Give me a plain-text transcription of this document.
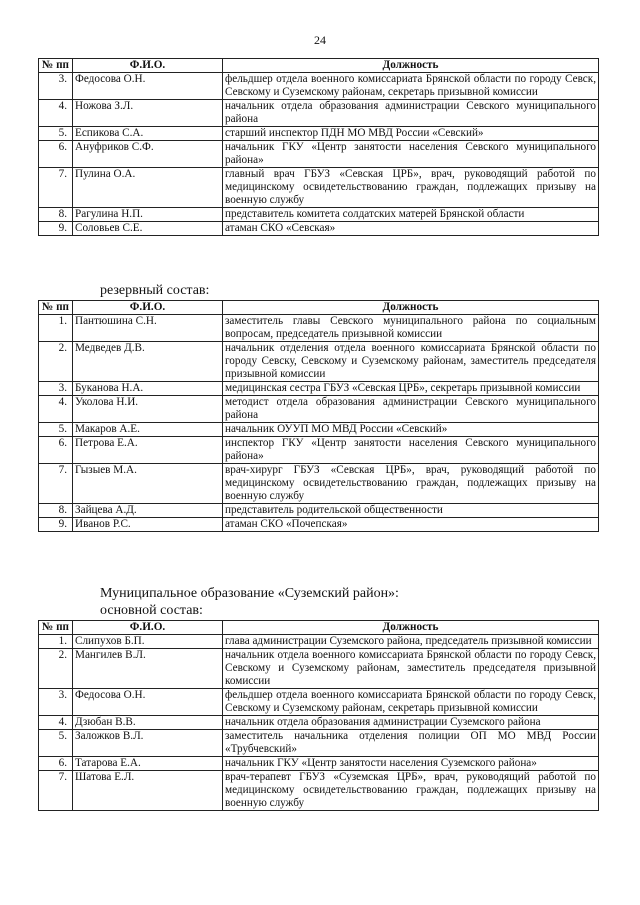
24
№ пп	Ф.И.О.	Должность
3.	Федосова О.Н.	фельдшер отдела военного комиссариата Брянской области по городу Севск, Севскому и Суземскому районам, секретарь призывной комиссии
4.	Ножова З.Л.	начальник отдела образования администрации Севского муниципального района
5.	Еспикова С.А.	старший инспектор ПДН МО МВД России «Севский»
6.	Ануфриков С.Ф.	начальник ГКУ «Центр занятости населения Севского муниципального района»
7.	Пулина О.А.	главный врач ГБУЗ «Севская ЦРБ», врач, руководящий работой по медицинскому освидетельствованию граждан, подлежащих призыву на военную службу
8.	Рагулина Н.П.	представитель комитета солдатских матерей Брянской области
9.	Соловьев С.Е.	атаман СКО «Севская»
резервный состав:
№ пп	Ф.И.О.	Должность
1.	Пантюшина С.Н.	заместитель главы Севского муниципального района по социальным вопросам, председатель призывной комиссии
2.	Медведев Д.В.	начальник отделения отдела военного комиссариата Брянской области по городу Севску, Севскому и Суземскому районам, заместитель председателя призывной комиссии
3.	Буканова Н.А.	медицинская сестра ГБУЗ «Севская ЦРБ», секретарь призывной комиссии
4.	Уколова Н.И.	методист отдела образования администрации Севского муниципального района
5.	Макаров А.Е.	начальник ОУУП МО МВД России «Севский»
6.	Петрова Е.А.	инспектор ГКУ «Центр занятости населения Севского муниципального района»
7.	Гызыев М.А.	врач-хирург ГБУЗ «Севская ЦРБ», врач, руководящий работой по медицинскому освидетельствованию граждан, подлежащих призыву на военную службу
8.	Зайцева А.Д.	представитель родительской общественности
9.	Иванов Р.С.	атаман СКО «Почепская»
Муниципальное образование «Суземский район»:
основной состав:
№ пп	Ф.И.О.	Должность
1.	Слипухов Б.П.	глава администрации Суземского района, председатель призывной комиссии
2.	Мангилев В.Л.	начальник отдела военного комиссариата Брянской области по городу Севск, Севскому и Суземскому районам, заместитель председателя призывной комиссии
3.	Федосова О.Н.	фельдшер отдела военного комиссариата Брянской области по городу Севск, Севскому и Суземскому районам, секретарь призывной комиссии
4.	Дзюбан В.В.	начальник отдела образования администрации Суземского района
5.	Заложков В.Л.	заместитель начальника отделения полиции ОП МО МВД России «Трубчевский»
6.	Татарова Е.А.	начальник ГКУ «Центр занятости населения Суземского района»
7.	Шатова Е.Л.	врач-терапевт ГБУЗ «Суземская ЦРБ», врач, руководящий работой по медицинскому освидетельствованию граждан, подлежащих призыву на военную службу
